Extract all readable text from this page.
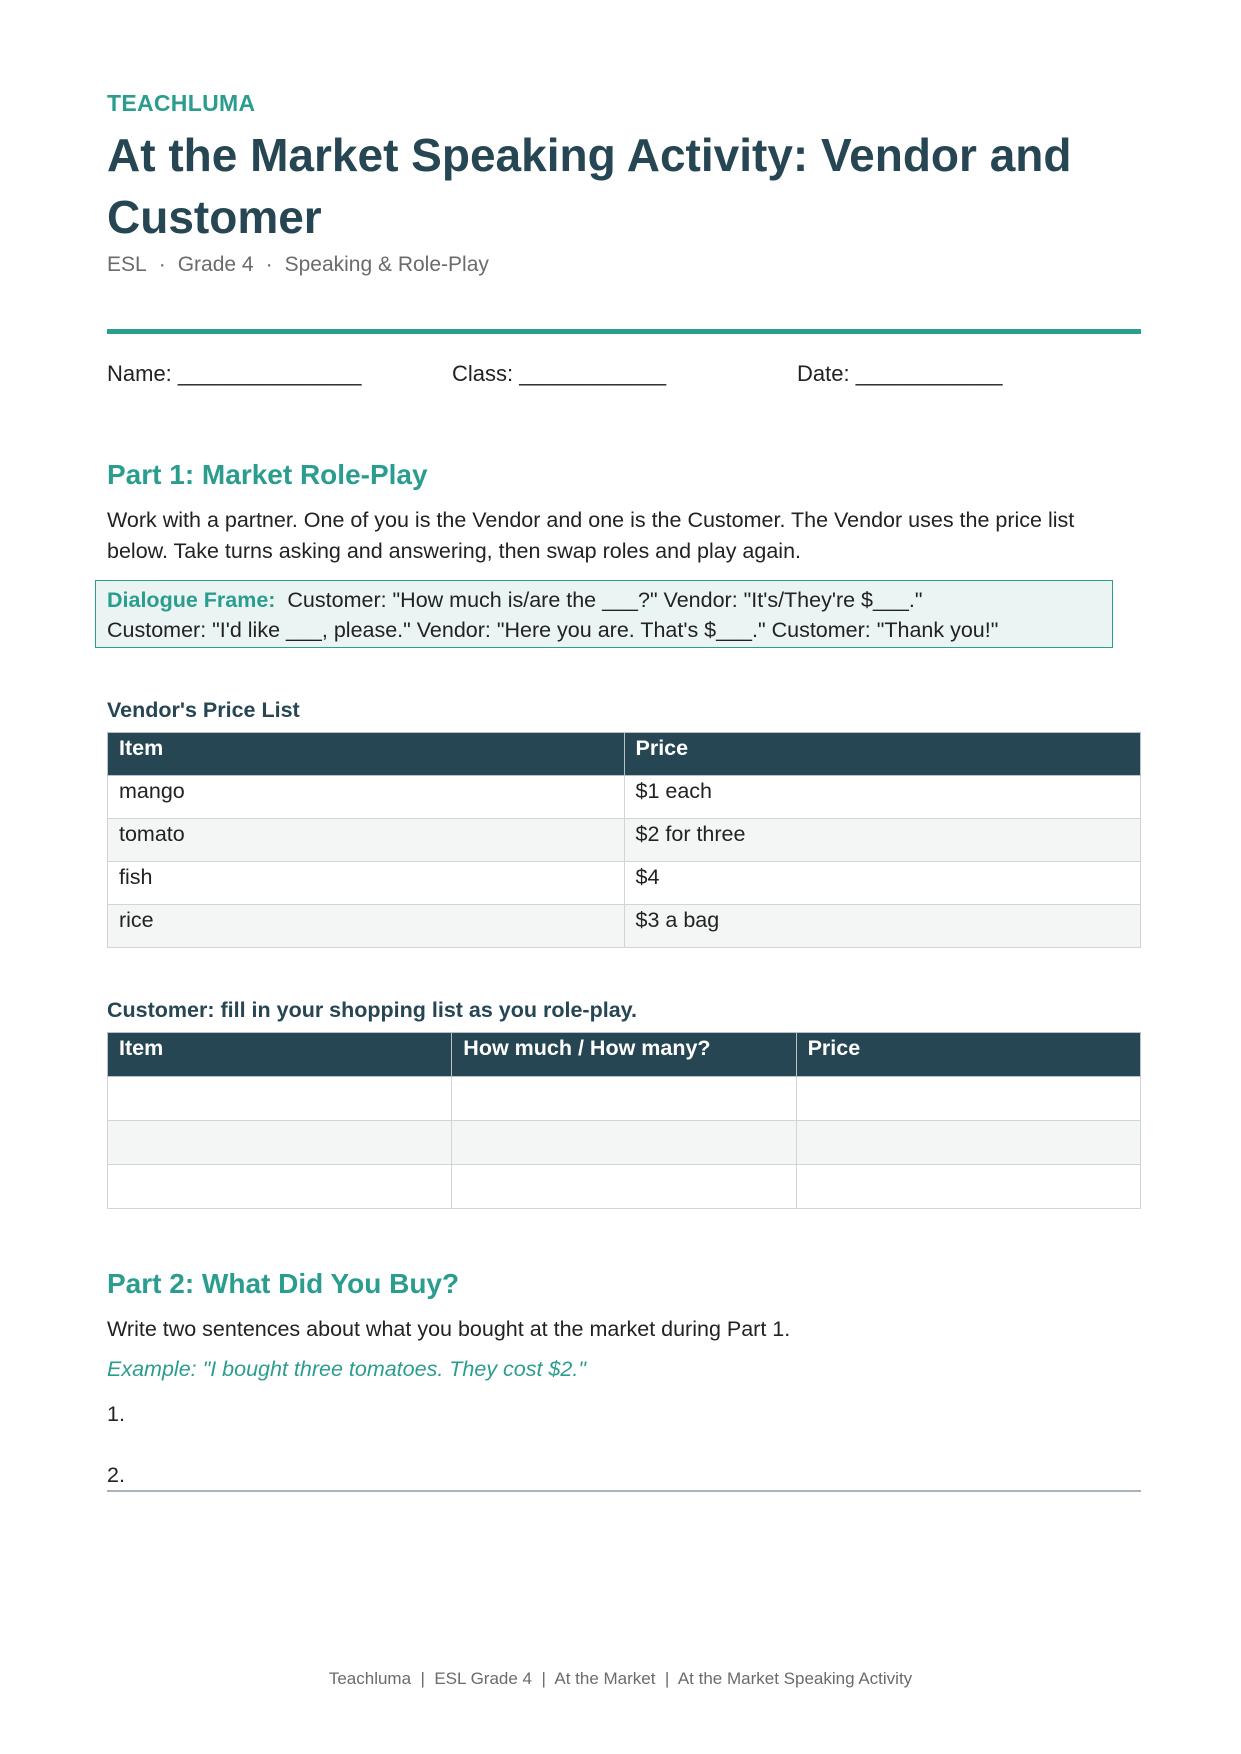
TEACHLUMA
At the Market Speaking Activity: Vendor and Customer
ESL · Grade 4 · Speaking & Role-Play
Name: _______________	Class: ____________	Date: ____________
Part 1: Market Role-Play

Work with a partner. One of you is the Vendor and one is the Customer. The Vendor uses the price list below. Take turns asking and answering, then swap roles and play again.

Dialogue Frame: Customer: "How much is/are the ___?" Vendor: "It's/They're $___."
Customer: "I'd like ___, please." Vendor: "Here you are. That's $___." Customer: "Thank you!"
Vendor's Price List
Item	Price
mango	$1 each
tomato	$2 for three
fish	$4
rice	$3 a bag
Customer: fill in your shopping list as you role-play.
Item	How much / How many?	Price

Part 2: What Did You Buy?

Write two sentences about what you bought at the market during Part 1.

Example: "I bought three tomatoes. They cost $2."
1.
2.
Teachluma  |  ESL Grade 4  |  At the Market  |  At the Market Speaking Activity
